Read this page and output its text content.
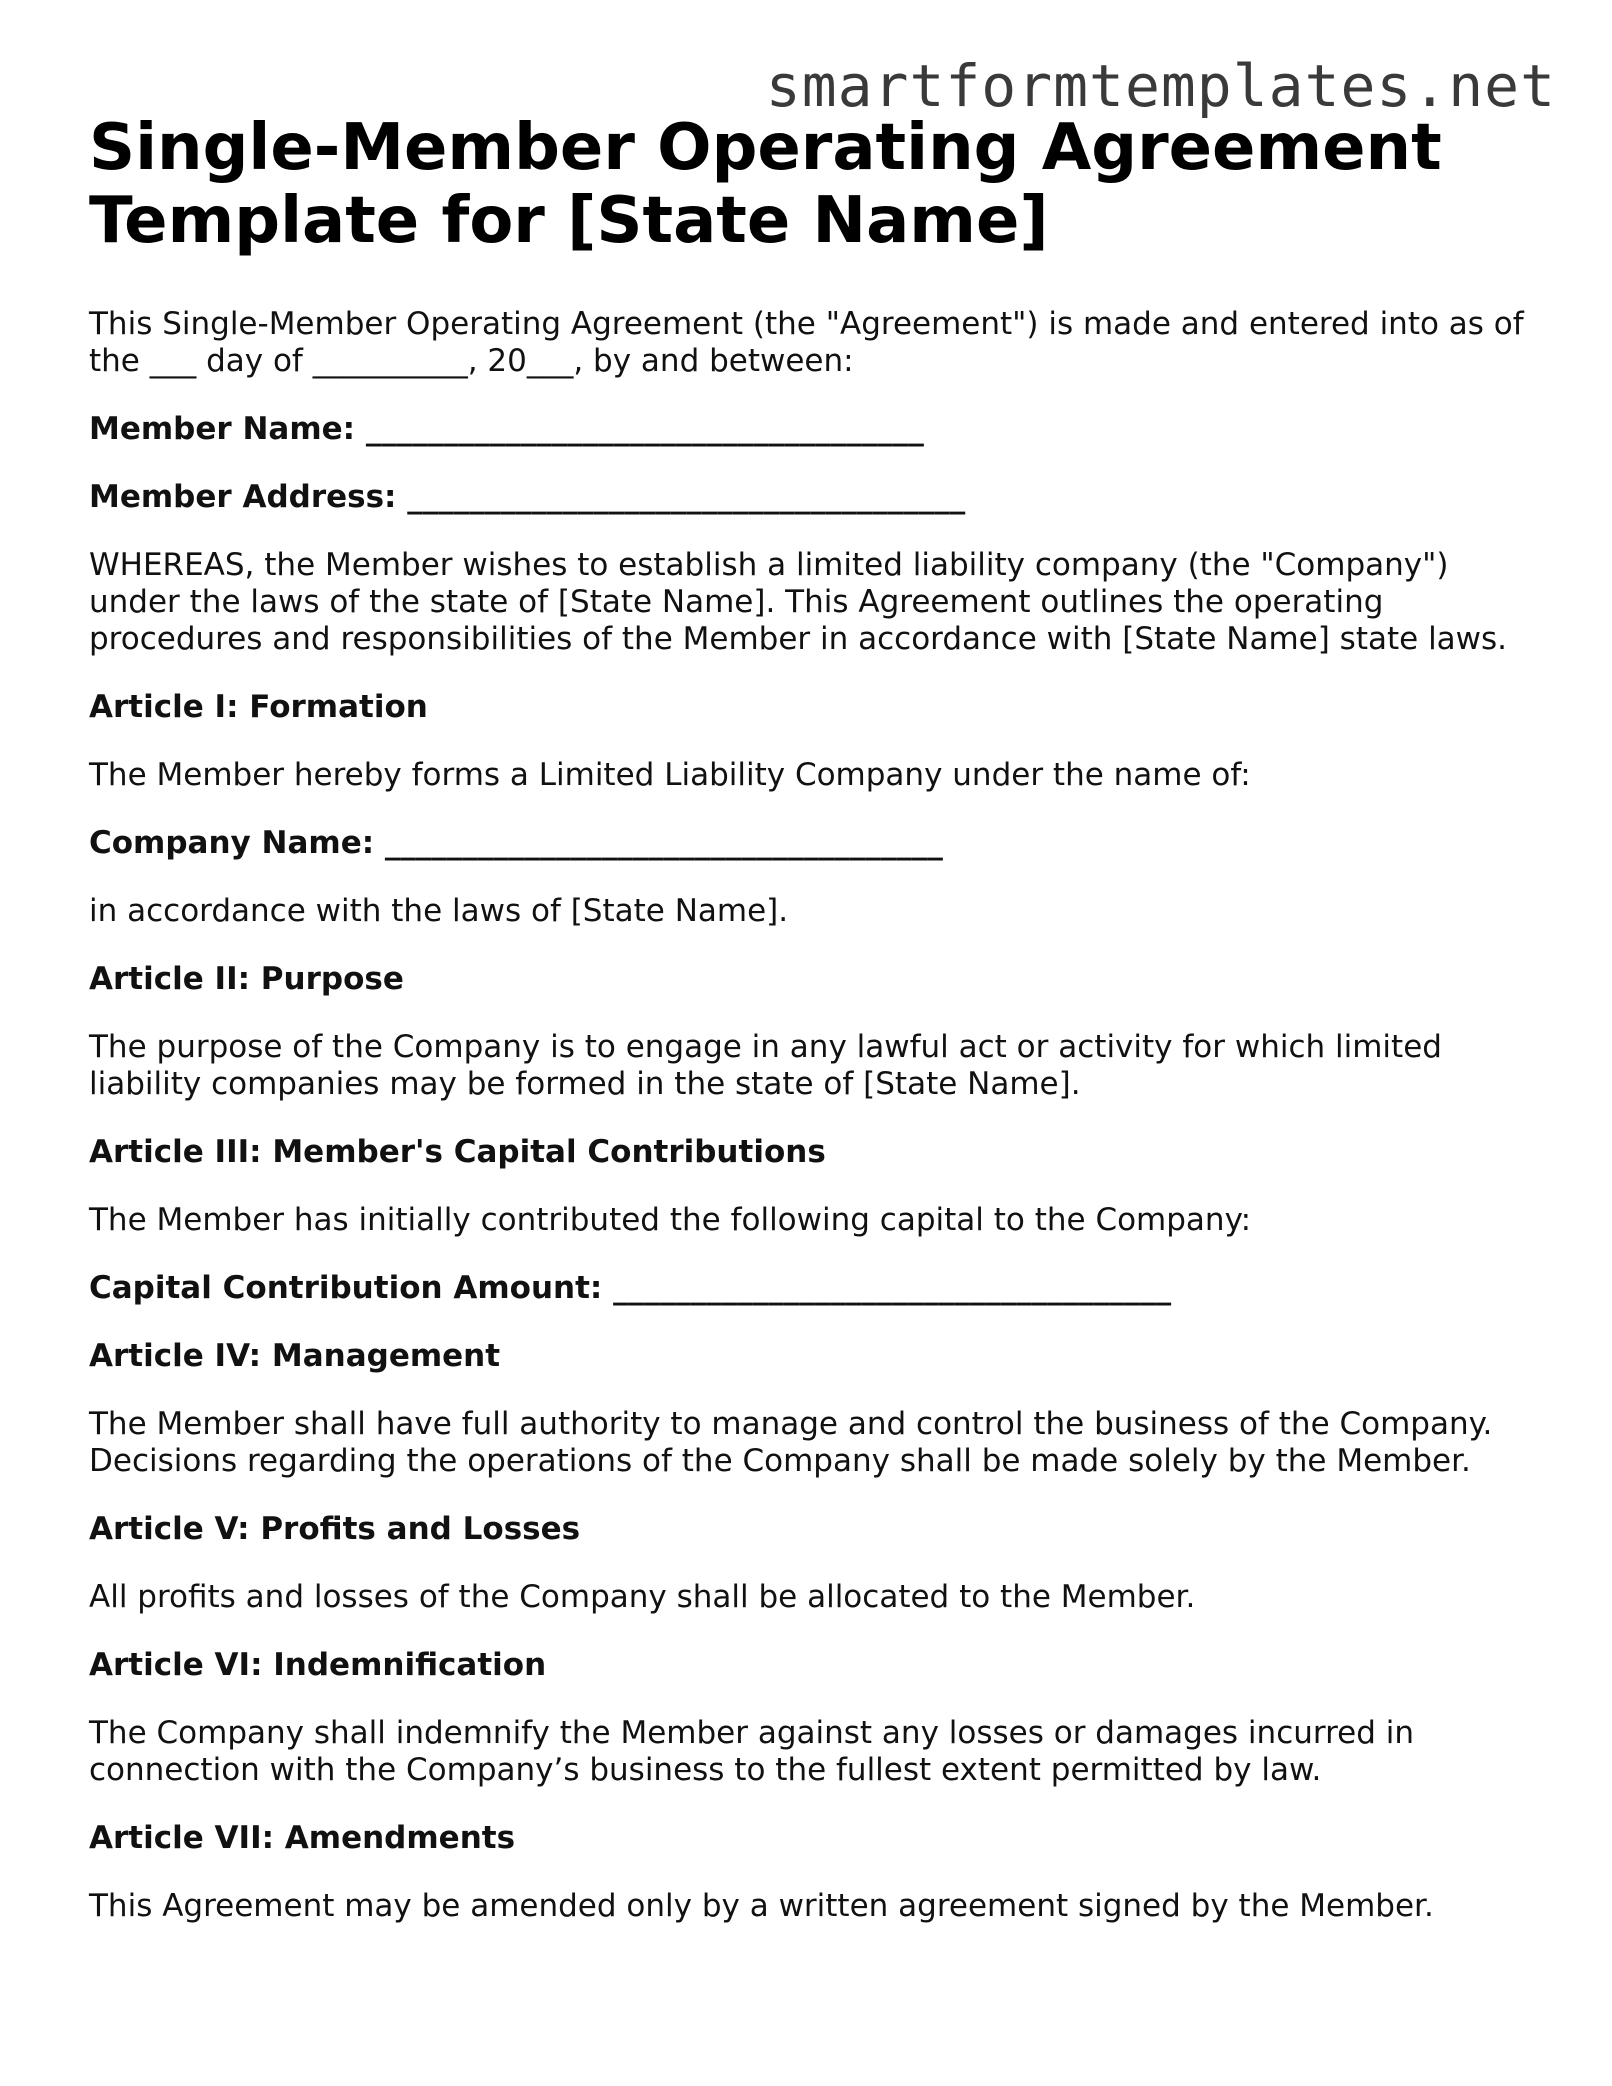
smartformtemplates.net
Single-Member Operating Agreement Template for [State Name]

This Single-Member Operating Agreement (the "Agreement") is made and entered into as of the ___ day of __________, 20___, by and between:

Member Name: ____________________________________

Member Address: ____________________________________

WHEREAS, the Member wishes to establish a limited liability company (the "Company") under the laws of the state of [State Name]. This Agreement outlines the operating procedures and responsibilities of the Member in accordance with [State Name] state laws.

Article I: Formation

The Member hereby forms a Limited Liability Company under the name of:

Company Name: ____________________________________

in accordance with the laws of [State Name].

Article II: Purpose

The purpose of the Company is to engage in any lawful act or activity for which limited liability companies may be formed in the state of [State Name].

Article III: Member's Capital Contributions

The Member has initially contributed the following capital to the Company:

Capital Contribution Amount: ____________________________________

Article IV: Management

The Member shall have full authority to manage and control the business of the Company. Decisions regarding the operations of the Company shall be made solely by the Member.

Article V: Profits and Losses

All profits and losses of the Company shall be allocated to the Member.

Article VI: Indemnification

The Company shall indemnify the Member against any losses or damages incurred in connection with the Company’s business to the fullest extent permitted by law.

Article VII: Amendments

This Agreement may be amended only by a written agreement signed by the Member.
